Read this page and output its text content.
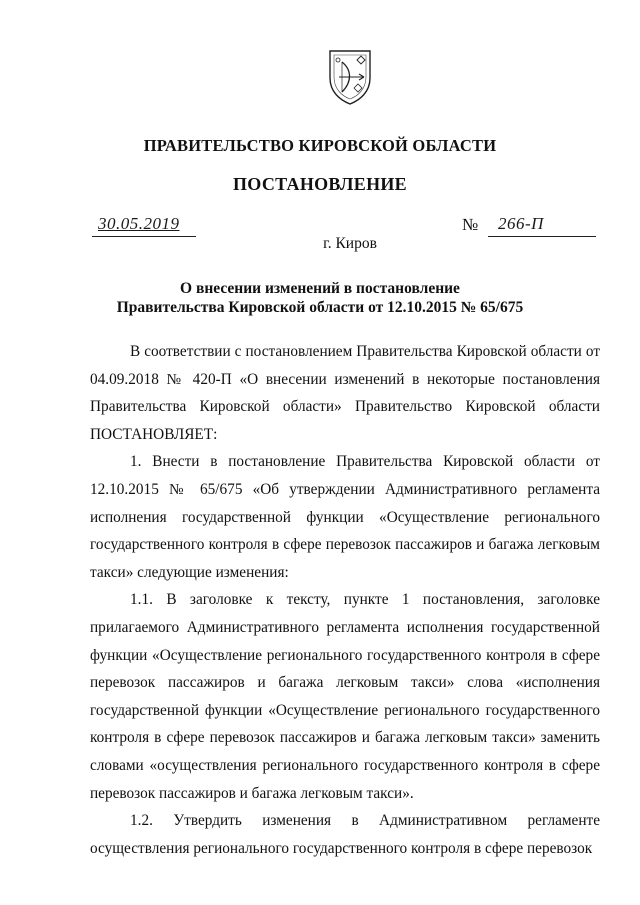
ПРАВИТЕЛЬСТВО КИРОВСКОЙ ОБЛАСТИ
ПОСТАНОВЛЕНИЕ
30.05.2019	№ 266-П
г. Киров
О внесении изменений в постановление
Правительства Кировской области от 12.10.2015 № 65/675

В соответствии с постановлением Правительства Кировской области от 04.09.2018 № 420-П «О внесении изменений в некоторые постановления Правительства Кировской области» Правительство Кировской области ПОСТАНОВЛЯЕТ:

1. Внести в постановление Правительства Кировской области от 12.10.2015 № 65/675 «Об утверждении Административного регламента исполнения государственной функции «Осуществление регионального государственного контроля в сфере перевозок пассажиров и багажа легковым такси» следующие изменения:

1.1. В заголовке к тексту, пункте 1 постановления, заголовке прилагаемого Административного регламента исполнения государственной функции «Осуществление регионального государственного контроля в сфере перевозок пассажиров и багажа легковым такси» слова «исполнения государственной функции «Осуществление регионального государственного контроля в сфере перевозок пассажиров и багажа легковым такси» заменить словами «осуществления регионального государственного контроля в сфере перевозок пассажиров и багажа легковым такси».

1.2. Утвердить изменения в Административном регламенте осуществления регионального государственного контроля в сфере перевозок
